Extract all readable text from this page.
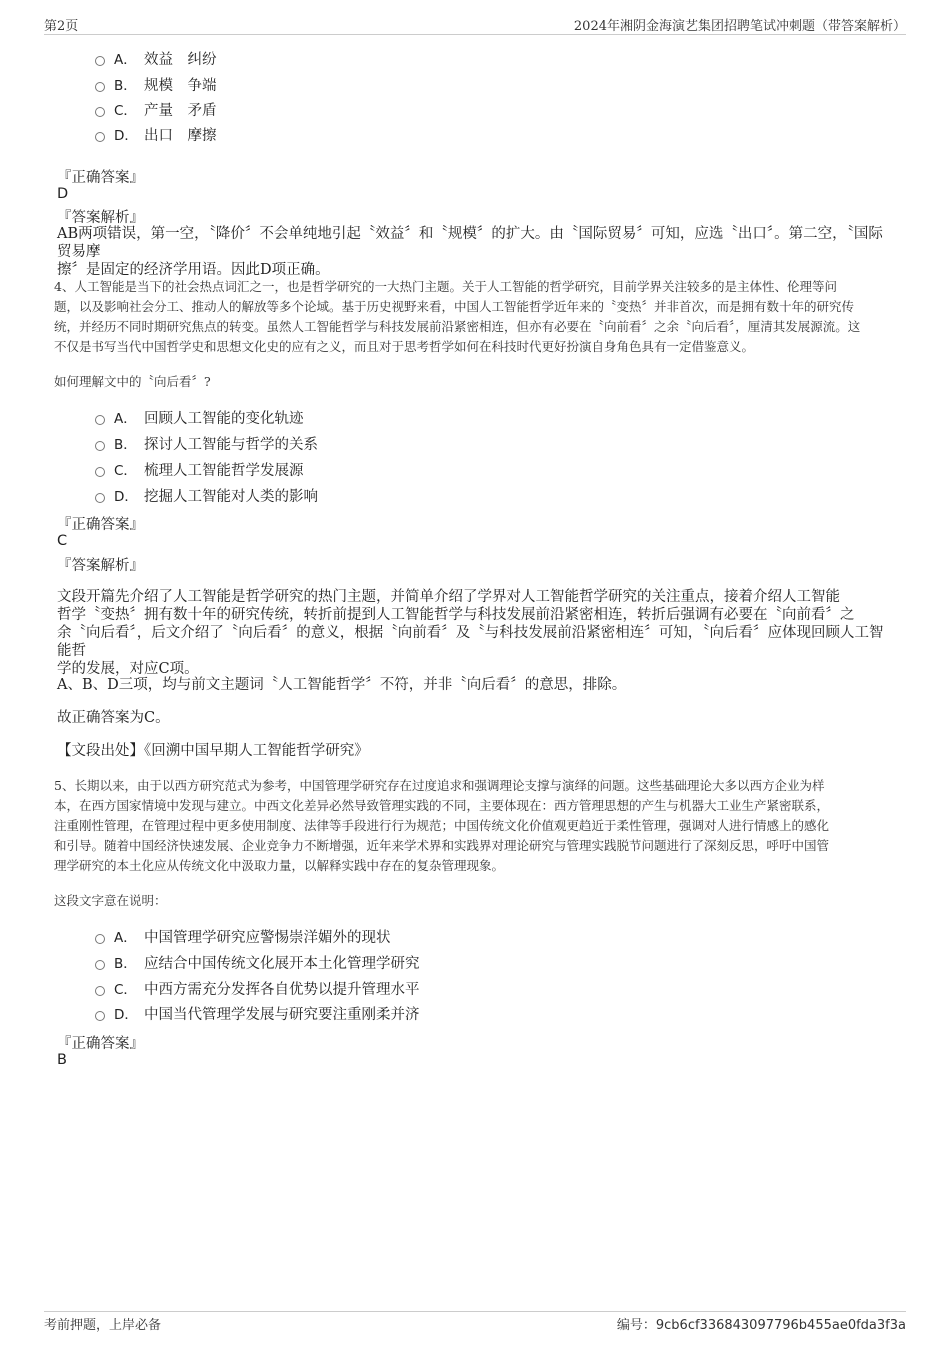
第2页	2024年湘阴金海演艺集团招聘笔试冲刺题（带答案解析）
A． 效益　纠纷
B． 规模　争端
C． 产量　矛盾
D． 出口　摩擦
『正确答案』
D
『答案解析』
AB两项错误，第一空，〝降价〞不会单纯地引起〝效益〞和〝规模〞的扩大。由〝国际贸易〞可知，应选〝出口〞。第二空，〝国际贸易摩
擦〞是固定的经济学用语。因此D项正确。
4、人工智能是当下的社会热点词汇之一，也是哲学研究的一大热门主题。关于人工智能的哲学研究，目前学界关注较多的是主体性、伦理等问
题，以及影响社会分工、推动人的解放等多个论域。基于历史视野来看，中国人工智能哲学近年来的〝变热〞并非首次，而是拥有数十年的研究传
统，并经历不同时期研究焦点的转变。虽然人工智能哲学与科技发展前沿紧密相连，但亦有必要在〝向前看〞之余〝向后看〞，厘清其发展源流。这
不仅是书写当代中国哲学史和思想文化史的应有之义，而且对于思考哲学如何在科技时代更好扮演自身角色具有一定借鉴意义。
如何理解文中的〝向后看〞?
A． 回顾人工智能的变化轨迹
B． 探讨人工智能与哲学的关系
C． 梳理人工智能哲学发展源
D． 挖掘人工智能对人类的影响
『正确答案』
C
『答案解析』
文段开篇先介绍了人工智能是哲学研究的热门主题，并简单介绍了学界对人工智能哲学研究的关注重点，接着介绍人工智能
哲学〝变热〞拥有数十年的研究传统，转折前提到人工智能哲学与科技发展前沿紧密相连，转折后强调有必要在〝向前看〞之
余〝向后看〞，后文介绍了〝向后看〞的意义，根据〝向前看〞及〝与科技发展前沿紧密相连〞可知，〝向后看〞应体现回顾人工智能哲
学的发展，对应C项。
A、B、D三项，均与前文主题词〝人工智能哲学〞不符，并非〝向后看〞的意思，排除。
故正确答案为C。
【文段出处】《回溯中国早期人工智能哲学研究》
5、长期以来，由于以西方研究范式为参考，中国管理学研究存在过度追求和强调理论支撑与演绎的问题。这些基础理论大多以西方企业为样
本，在西方国家情境中发现与建立。中西文化差异必然导致管理实践的不同，主要体现在：西方管理思想的产生与机器大工业生产紧密联系，
注重刚性管理，在管理过程中更多使用制度、法律等手段进行行为规范；中国传统文化价值观更趋近于柔性管理，强调对人进行情感上的感化
和引导。随着中国经济快速发展、企业竞争力不断增强，近年来学术界和实践界对理论研究与管理实践脱节问题进行了深刻反思，呼吁中国管
理学研究的本土化应从传统文化中汲取力量，以解释实践中存在的复杂管理现象。
这段文字意在说明：
A． 中国管理学研究应警惕崇洋媚外的现状
B． 应结合中国传统文化展开本土化管理学研究
C． 中西方需充分发挥各自优势以提升管理水平
D． 中国当代管理学发展与研究要注重刚柔并济
『正确答案』
B
考前押题，上岸必备	编号：9cb6cf336843097796b455ae0fda3f3a
